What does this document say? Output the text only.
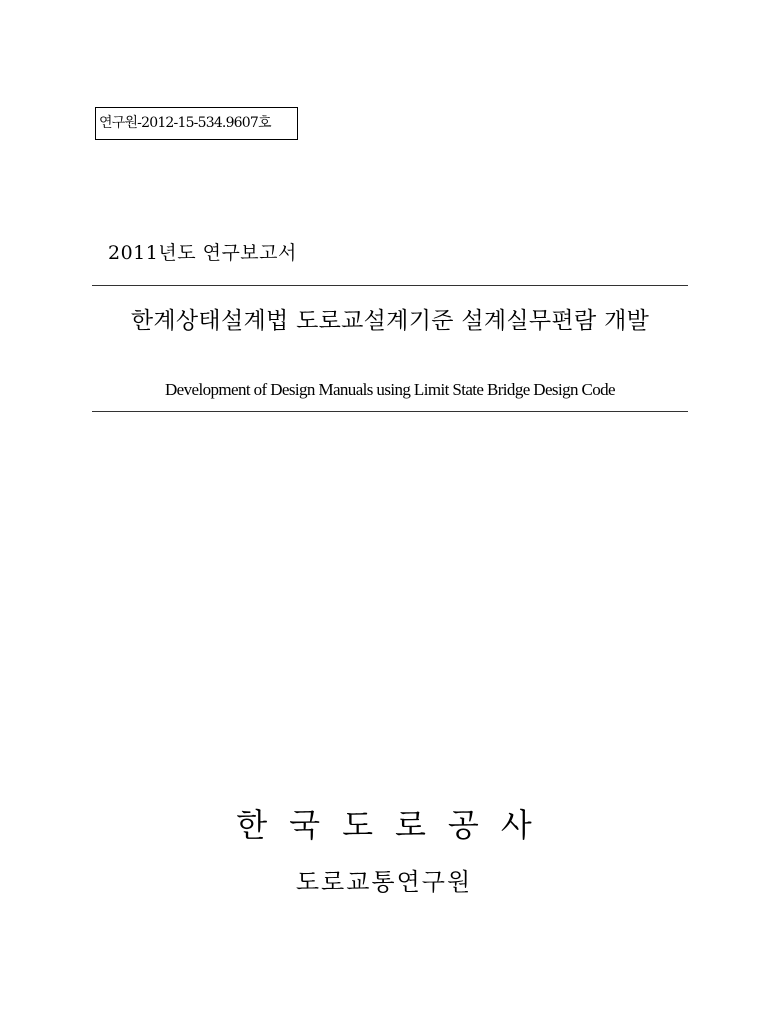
연구원-2012-15-534.9607호
2011년도 연구보고서
한계상태설계법 도로교설계기준 설계실무편람 개발
Development of Design Manuals using Limit State Bridge Design Code
한국도로공사
도로교통연구원
